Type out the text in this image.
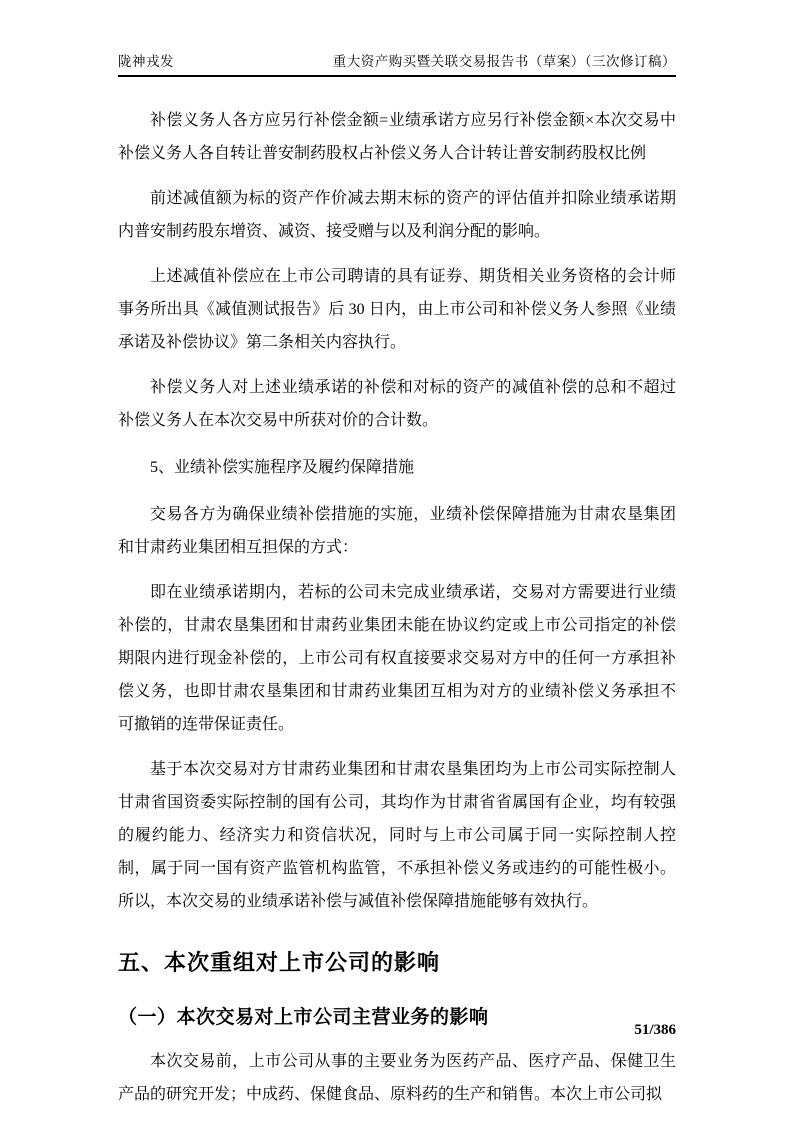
陇神戎发	重大资产购买暨关联交易报告书（草案）（三次修订稿）

补偿义务人各方应另行补偿金额=业绩承诺方应另行补偿金额×本次交易中补偿义务人各自转让普安制药股权占补偿义务人合计转让普安制药股权比例

前述减值额为标的资产作价减去期末标的资产的评估值并扣除业绩承诺期内普安制药股东增资、减资、接受赠与以及利润分配的影响。

上述减值补偿应在上市公司聘请的具有证券、期货相关业务资格的会计师事务所出具《减值测试报告》后 30 日内，由上市公司和补偿义务人参照《业绩承诺及补偿协议》第二条相关内容执行。

补偿义务人对上述业绩承诺的补偿和对标的资产的减值补偿的总和不超过补偿义务人在本次交易中所获对价的合计数。

5、业绩补偿实施程序及履约保障措施

交易各方为确保业绩补偿措施的实施，业绩补偿保障措施为甘肃农垦集团和甘肃药业集团相互担保的方式：

即在业绩承诺期内，若标的公司未完成业绩承诺，交易对方需要进行业绩补偿的，甘肃农垦集团和甘肃药业集团未能在协议约定或上市公司指定的补偿期限内进行现金补偿的，上市公司有权直接要求交易对方中的任何一方承担补偿义务，也即甘肃农垦集团和甘肃药业集团互相为对方的业绩补偿义务承担不可撤销的连带保证责任。

基于本次交易对方甘肃药业集团和甘肃农垦集团均为上市公司实际控制人甘肃省国资委实际控制的国有公司，其均作为甘肃省省属国有企业，均有较强的履约能力、经济实力和资信状况，同时与上市公司属于同一实际控制人控制，属于同一国有资产监管机构监管，不承担补偿义务或违约的可能性极小。所以，本次交易的业绩承诺补偿与减值补偿保障措施能够有效执行。

五、本次重组对上市公司的影响
（一）本次交易对上市公司主营业务的影响

本次交易前，上市公司从事的主要业务为医药产品、医疗产品、保健卫生产品的研究开发；中成药、保健食品、原料药的生产和销售。本次上市公司拟

51/386
